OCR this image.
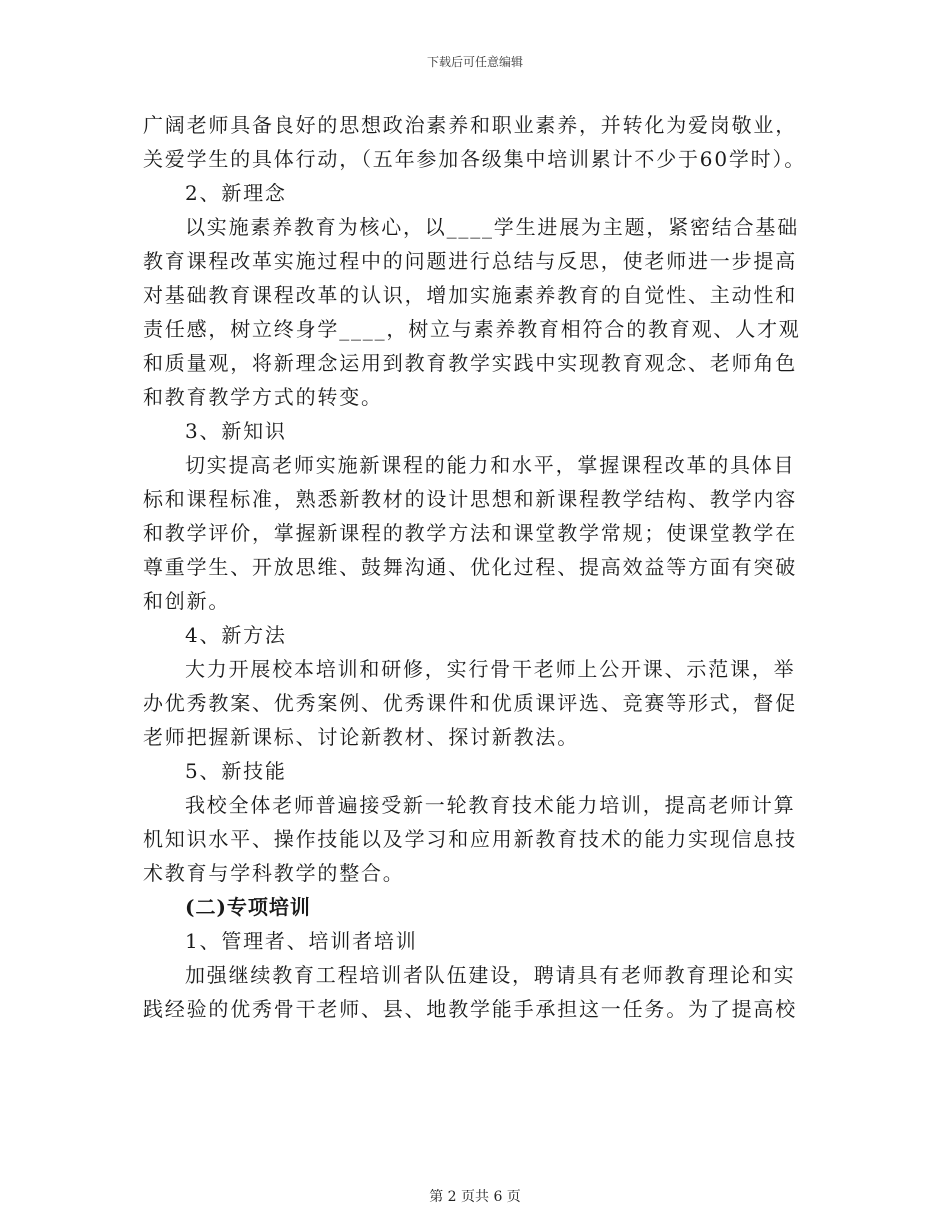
下载后可任意编辑
广阔老师具备良好的思想政治素养和职业素养，并转化为爱岗敬业，
关爱学生的具体行动，（五年参加各级集中培训累计不少于60学时）。
2、新理念
以实施素养教育为核心，以____学生进展为主题，紧密结合基础
教育课程改革实施过程中的问题进行总结与反思，使老师进一步提高
对基础教育课程改革的认识，增加实施素养教育的自觉性、主动性和
责任感，树立终身学____，树立与素养教育相符合的教育观、人才观
和质量观，将新理念运用到教育教学实践中实现教育观念、老师角色
和教育教学方式的转变。
3、新知识
切实提高老师实施新课程的能力和水平，掌握课程改革的具体目
标和课程标准，熟悉新教材的设计思想和新课程教学结构、教学内容
和教学评价，掌握新课程的教学方法和课堂教学常规；使课堂教学在
尊重学生、开放思维、鼓舞沟通、优化过程、提高效益等方面有突破
和创新。
4、新方法
大力开展校本培训和研修，实行骨干老师上公开课、示范课，举
办优秀教案、优秀案例、优秀课件和优质课评选、竞赛等形式，督促
老师把握新课标、讨论新教材、探讨新教法。
5、新技能
我校全体老师普遍接受新一轮教育技术能力培训，提高老师计算
机知识水平、操作技能以及学习和应用新教育技术的能力实现信息技
术教育与学科教学的整合。
(二)专项培训
1、管理者、培训者培训
加强继续教育工程培训者队伍建设，聘请具有老师教育理论和实
践经验的优秀骨干老师、县、地教学能手承担这一任务。为了提高校
第 2 页共 6 页
